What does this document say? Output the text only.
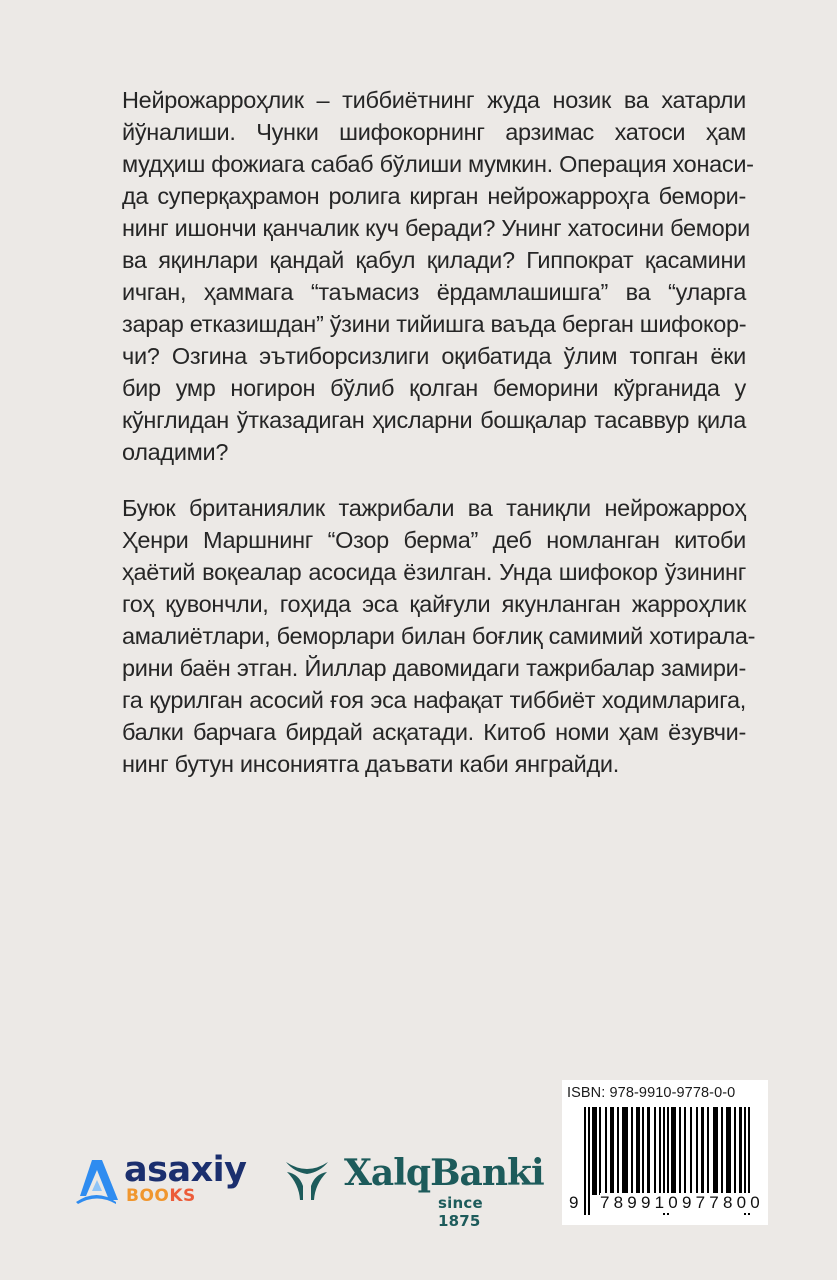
Нейрожарроҳлик – тиббиётнинг жуда нозик ва хатарли
йўналиши. Чунки шифокорнинг арзимас хатоси ҳам
мудҳиш фожиага сабаб бўлиши мумкин. Операция хонаси-
да суперқаҳрамон ролига кирган нейрожарроҳга бемори-
нинг ишончи қанчалик куч беради? Унинг хатосини бемори
ва яқинлари қандай қабул қилади? Гиппократ қасамини
ичган, ҳаммага “таъмасиз ёрдамлашишга” ва “уларга
зарар етказишдан” ўзини тийишга ваъда берган шифокор-
чи? Озгина эътиборсизлиги оқибатида ўлим топган ёки
бир умр ногирон бўлиб қолган беморини кўрганида у
кўнглидан ўтказадиган ҳисларни бошқалар тасаввур қила
оладими?

Буюк британиялик тажрибали ва таниқли нейрожарроҳ
Ҳенри Маршнинг “Озор берма” деб номланган китоби
ҳаётий воқеалар асосида ёзилган. Унда шифокор ўзининг
гоҳ қувончли, гоҳида эса қайғули якунланган жарроҳлик
амалиётлари, беморлари билан боғлиқ самимий хотирала-
рини баён этган. Йиллар давомидаги тажрибалар замири-
га қурилган асосий ғоя эса нафақат тиббиёт ходимларига,
балки барчага бирдай асқатади. Китоб номи ҳам ёзувчи-
нинг бутун инсониятга даъвати каби янграйди.

asaxiy
BOOKS
XalqBanki
since 1875
ISBN: 978-9910-9778-0-0
9 789910 977800
